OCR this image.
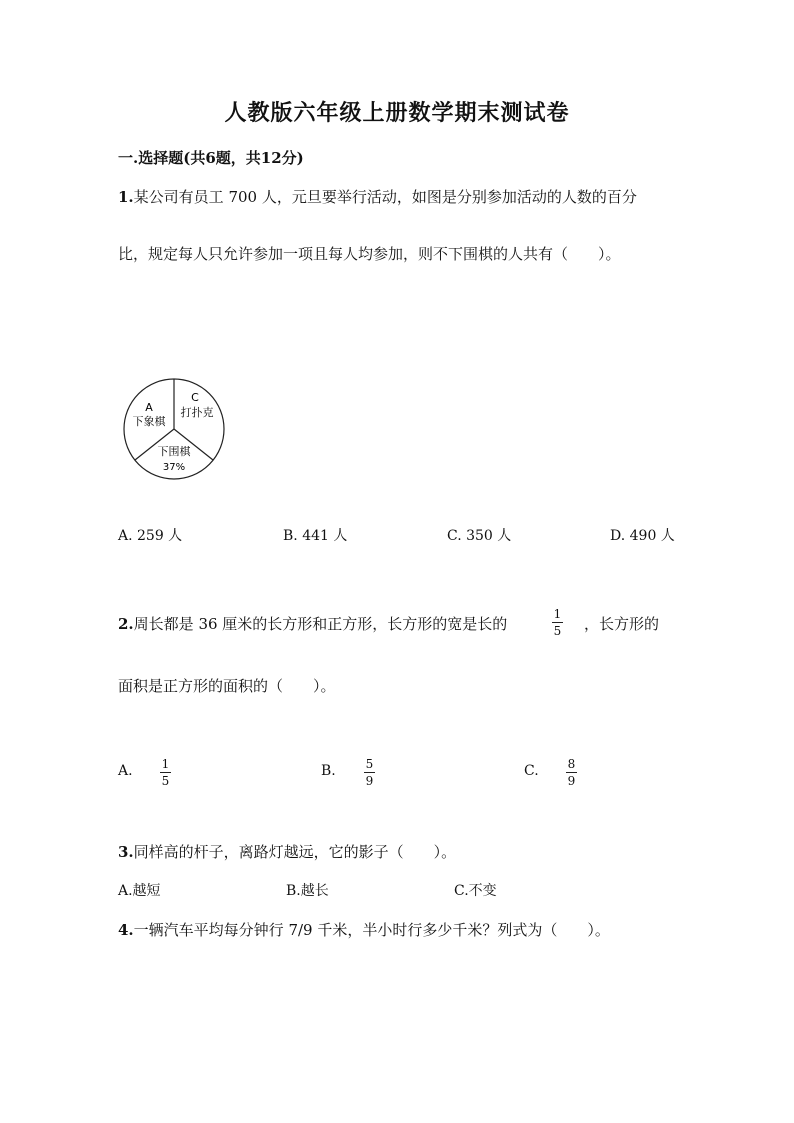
人教版六年级上册数学期末测试卷
一.选择题(共6题，共12分)
1.某公司有员工 700 人，元旦要举行活动，如图是分别参加活动的人数的百分
比，规定每人只允许参加一项且每人均参加，则不下围棋的人共有（　　）。
A
下象棋
C
打扑克
下围棋
37%
A. 259 人	B. 441 人	C. 350 人	D. 490 人
2.周长都是 36 厘米的长方形和正方形，长方形的宽是长的
1
5 ，长方形的
面积是正方形的面积的（　　）。
A. 1
5
B. 5
9
C. 8
9
3.同样高的杆子，离路灯越远，它的影子（　　）。
A.越短	B.越长	C.不变
4.一辆汽车平均每分钟行 7/9 千米，半小时行多少千米？列式为（　　）。
